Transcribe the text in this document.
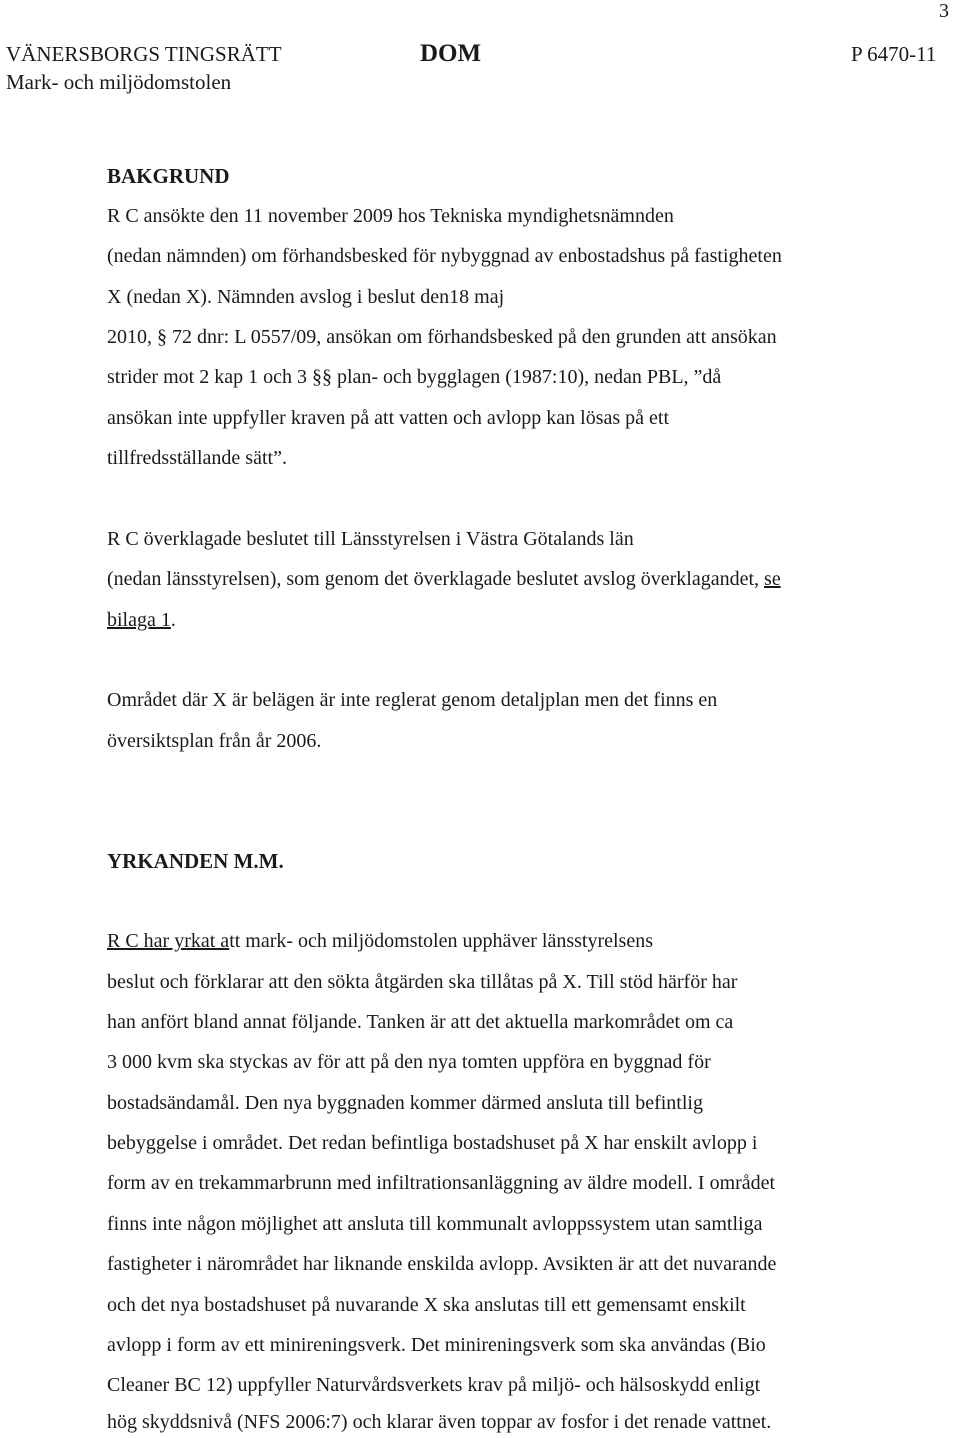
3
VÄNERSBORGS TINGSRÄTT
Mark- och miljödomstolen
DOM	P 6470-11
BAKGRUND
R C ansökte den 11 november 2009 hos Tekniska myndighetsnämnden
(nedan nämnden) om förhandsbesked för nybyggnad av enbostadshus på fastigheten
X (nedan X). Nämnden avslog i beslut den18 maj
2010, § 72 dnr: L 0557/09, ansökan om förhandsbesked på den grunden att ansökan
strider mot 2 kap 1 och 3 §§ plan- och bygglagen (1987:10), nedan PBL, ”då
ansökan inte uppfyller kraven på att vatten och avlopp kan lösas på ett
tillfredsställande sätt”.
R C överklagade beslutet till Länsstyrelsen i Västra Götalands län
(nedan länsstyrelsen), som genom det överklagade beslutet avslog överklagandet, se
bilaga 1.
Området där X är belägen är inte reglerat genom detaljplan men det finns en
översiktsplan från år 2006.
YRKANDEN M.M.
R C har yrkat att mark- och miljödomstolen upphäver länsstyrelsens
beslut och förklarar att den sökta åtgärden ska tillåtas på X. Till stöd härför har
han anfört bland annat följande. Tanken är att det aktuella markområdet om ca
3 000 kvm ska styckas av för att på den nya tomten uppföra en byggnad för
bostadsändamål. Den nya byggnaden kommer därmed ansluta till befintlig
bebyggelse i området. Det redan befintliga bostadshuset på X har enskilt avlopp i
form av en trekammarbrunn med infiltrationsanläggning av äldre modell. I området
finns inte någon möjlighet att ansluta till kommunalt avloppssystem utan samtliga
fastigheter i närområdet har liknande enskilda avlopp. Avsikten är att det nuvarande
och det nya bostadshuset på nuvarande X ska anslutas till ett gemensamt enskilt
avlopp i form av ett minireningsverk. Det minireningsverk som ska användas (Bio
Cleaner BC 12) uppfyller Naturvårdsverkets krav på miljö- och hälsoskydd enligt
hög skyddsnivå (NFS 2006:7) och klarar även toppar av fosfor i det renade vattnet.
